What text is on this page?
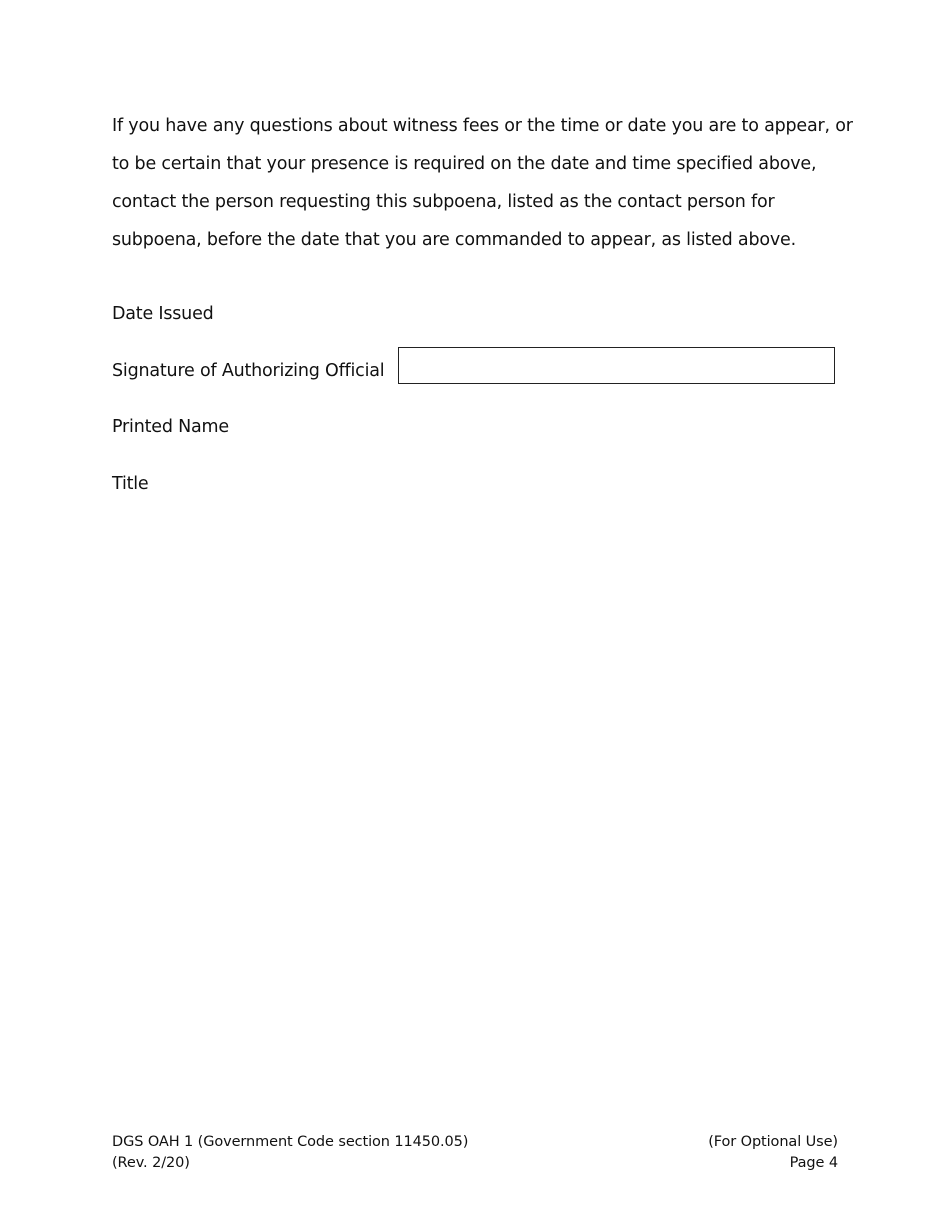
If you have any questions about witness fees or the time or date you are to appear, or
to be certain that your presence is required on the date and time specified above,
contact the person requesting this subpoena, listed as the contact person for
subpoena, before the date that you are commanded to appear, as listed above.
Date Issued
Signature of Authorizing Official
Printed Name
Title
DGS OAH 1 (Government Code section 11450.05)
(Rev. 2/20)
(For Optional Use)
Page 4
